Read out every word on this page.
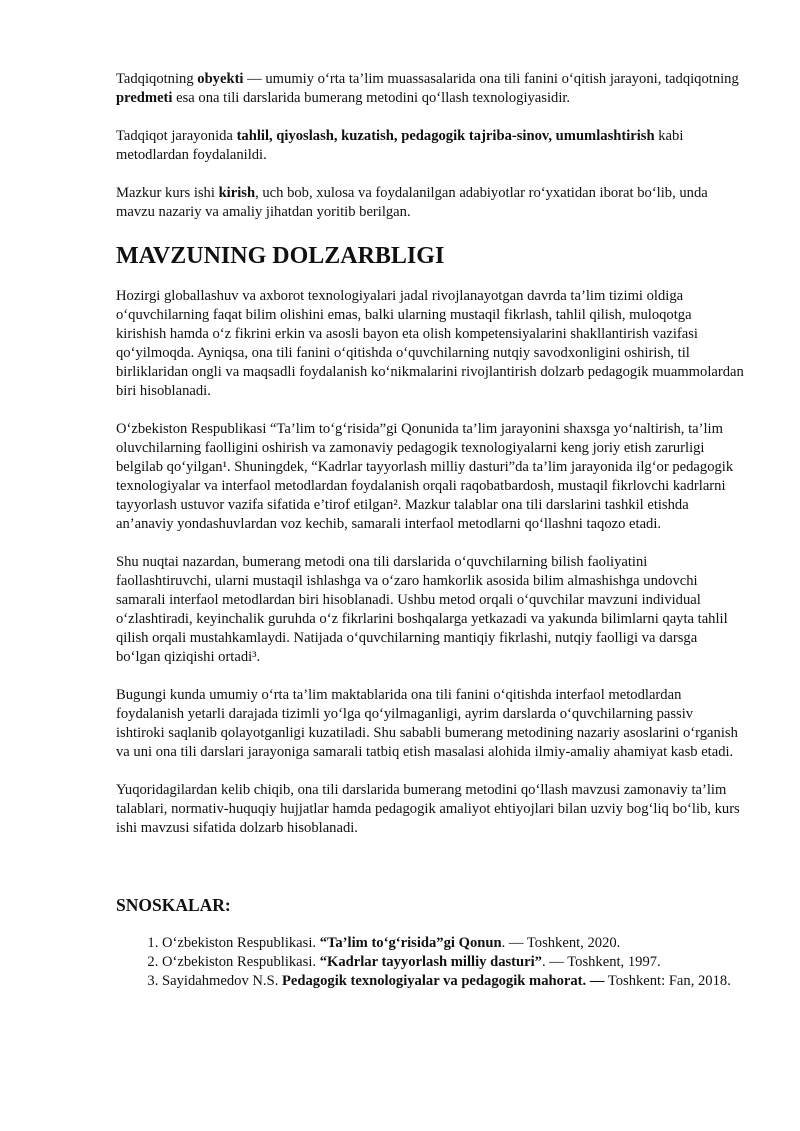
Tadqiqotning obyekti — umumiy o‘rta ta’lim muassasalarida ona tili fanini o‘qitish jarayoni, tadqiqotning predmeti esa ona tili darslarida bumerang metodini qo‘llash texnologiyasidir.

Tadqiqot jarayonida tahlil, qiyoslash, kuzatish, pedagogik tajriba-sinov, umumlashtirish kabi metodlardan foydalanildi.

Mazkur kurs ishi kirish, uch bob, xulosa va foydalanilgan adabiyotlar ro‘yxatidan iborat bo‘lib, unda mavzu nazariy va amaliy jihatdan yoritib berilgan.

MAVZUNING DOLZARBLIGI

Hozirgi globallashuv va axborot texnologiyalari jadal rivojlanayotgan davrda ta’lim tizimi oldiga o‘quvchilarning faqat bilim olishini emas, balki ularning mustaqil fikrlash, tahlil qilish, muloqotga kirishish hamda o‘z fikrini erkin va asosli bayon eta olish kompetensiyalarini shakllantirish vazifasi qo‘yilmoqda. Ayniqsa, ona tili fanini o‘qitishda o‘quvchilarning nutqiy savodxonligini oshirish, til birliklaridan ongli va maqsadli foydalanish ko‘nikmalarini rivojlantirish dolzarb pedagogik muammolardan biri hisoblanadi.

O‘zbekiston Respublikasi “Ta’lim to‘g‘risida”gi Qonunida ta’lim jarayonini shaxsga yo‘naltirish, ta’lim oluvchilarning faolligini oshirish va zamonaviy pedagogik texnologiyalarni keng joriy etish zarurligi belgilab qo‘yilgan¹. Shuningdek, “Kadrlar tayyorlash milliy dasturi”da ta’lim jarayonida ilg‘or pedagogik texnologiyalar va interfaol metodlardan foydalanish orqali raqobatbardosh, mustaqil fikrlovchi kadrlarni tayyorlash ustuvor vazifa sifatida e’tirof etilgan². Mazkur talablar ona tili darslarini tashkil etishda an’anaviy yondashuvlardan voz kechib, samarali interfaol metodlarni qo‘llashni taqozo etadi.

Shu nuqtai nazardan, bumerang metodi ona tili darslarida o‘quvchilarning bilish faoliyatini faollashtiruvchi, ularni mustaqil ishlashga va o‘zaro hamkorlik asosida bilim almashishga undovchi samarali interfaol metodlardan biri hisoblanadi. Ushbu metod orqali o‘quvchilar mavzuni individual o‘zlashtiradi, keyinchalik guruhda o‘z fikrlarini boshqalarga yetkazadi va yakunda bilimlarni qayta tahlil qilish orqali mustahkamlaydi. Natijada o‘quvchilarning mantiqiy fikrlashi, nutqiy faolligi va darsga bo‘lgan qiziqishi ortadi³.

Bugungi kunda umumiy o‘rta ta’lim maktablarida ona tili fanini o‘qitishda interfaol metodlardan foydalanish yetarli darajada tizimli yo‘lga qo‘yilmaganligi, ayrim darslarda o‘quvchilarning passiv ishtiroki saqlanib qolayotganligi kuzatiladi. Shu sababli bumerang metodining nazariy asoslarini o‘rganish va uni ona tili darslari jarayoniga samarali tatbiq etish masalasi alohida ilmiy-amaliy ahamiyat kasb etadi.

Yuqoridagilardan kelib chiqib, ona tili darslarida bumerang metodini qo‘llash mavzusi zamonaviy ta’lim talablari, normativ-huquqiy hujjatlar hamda pedagogik amaliyot ehtiyojlari bilan uzviy bog‘liq bo‘lib, kurs ishi mavzusi sifatida dolzarb hisoblanadi.

SNOSKALAR:
1. O‘zbekiston Respublikasi. “Ta’lim to‘g‘risida”gi Qonun. — Toshkent, 2020.
2. O‘zbekiston Respublikasi. “Kadrlar tayyorlash milliy dasturi”. — Toshkent, 1997.
3. Sayidahmedov N.S. Pedagogik texnologiyalar va pedagogik mahorat. — Toshkent: Fan, 2018.
